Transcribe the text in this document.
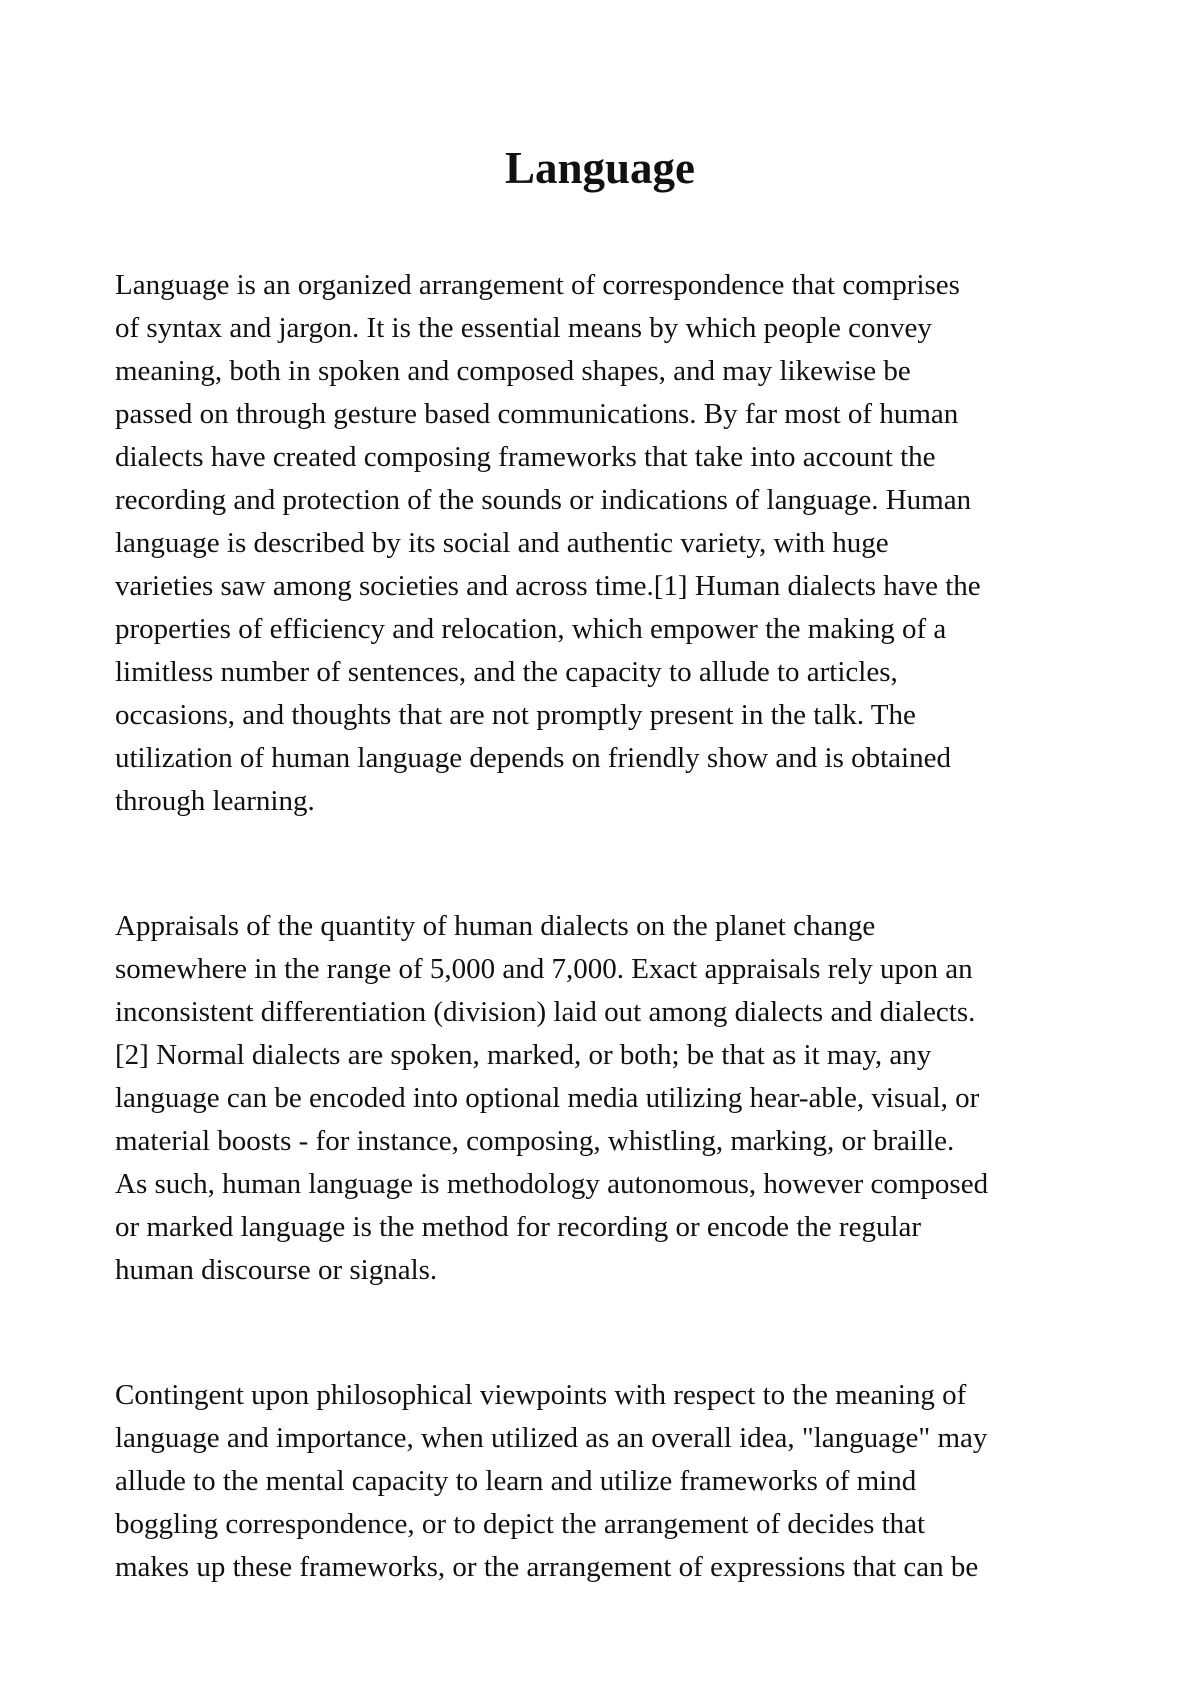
Language

Language is an organized arrangement of correspondence that comprises
of syntax and jargon. It is the essential means by which people convey
meaning, both in spoken and composed shapes, and may likewise be
passed on through gesture based communications. By far most of human
dialects have created composing frameworks that take into account the
recording and protection of the sounds or indications of language. Human
language is described by its social and authentic variety, with huge
varieties saw among societies and across time.[1] Human dialects have the
properties of efficiency and relocation, which empower the making of a
limitless number of sentences, and the capacity to allude to articles,
occasions, and thoughts that are not promptly present in the talk. The
utilization of human language depends on friendly show and is obtained
through learning.

Appraisals of the quantity of human dialects on the planet change
somewhere in the range of 5,000 and 7,000. Exact appraisals rely upon an
inconsistent differentiation (division) laid out among dialects and dialects.
[2] Normal dialects are spoken, marked, or both; be that as it may, any
language can be encoded into optional media utilizing hear-able, visual, or
material boosts - for instance, composing, whistling, marking, or braille.
As such, human language is methodology autonomous, however composed
or marked language is the method for recording or encode the regular
human discourse or signals.

Contingent upon philosophical viewpoints with respect to the meaning of
language and importance, when utilized as an overall idea, "language" may
allude to the mental capacity to learn and utilize frameworks of mind
boggling correspondence, or to depict the arrangement of decides that
makes up these frameworks, or the arrangement of expressions that can be
